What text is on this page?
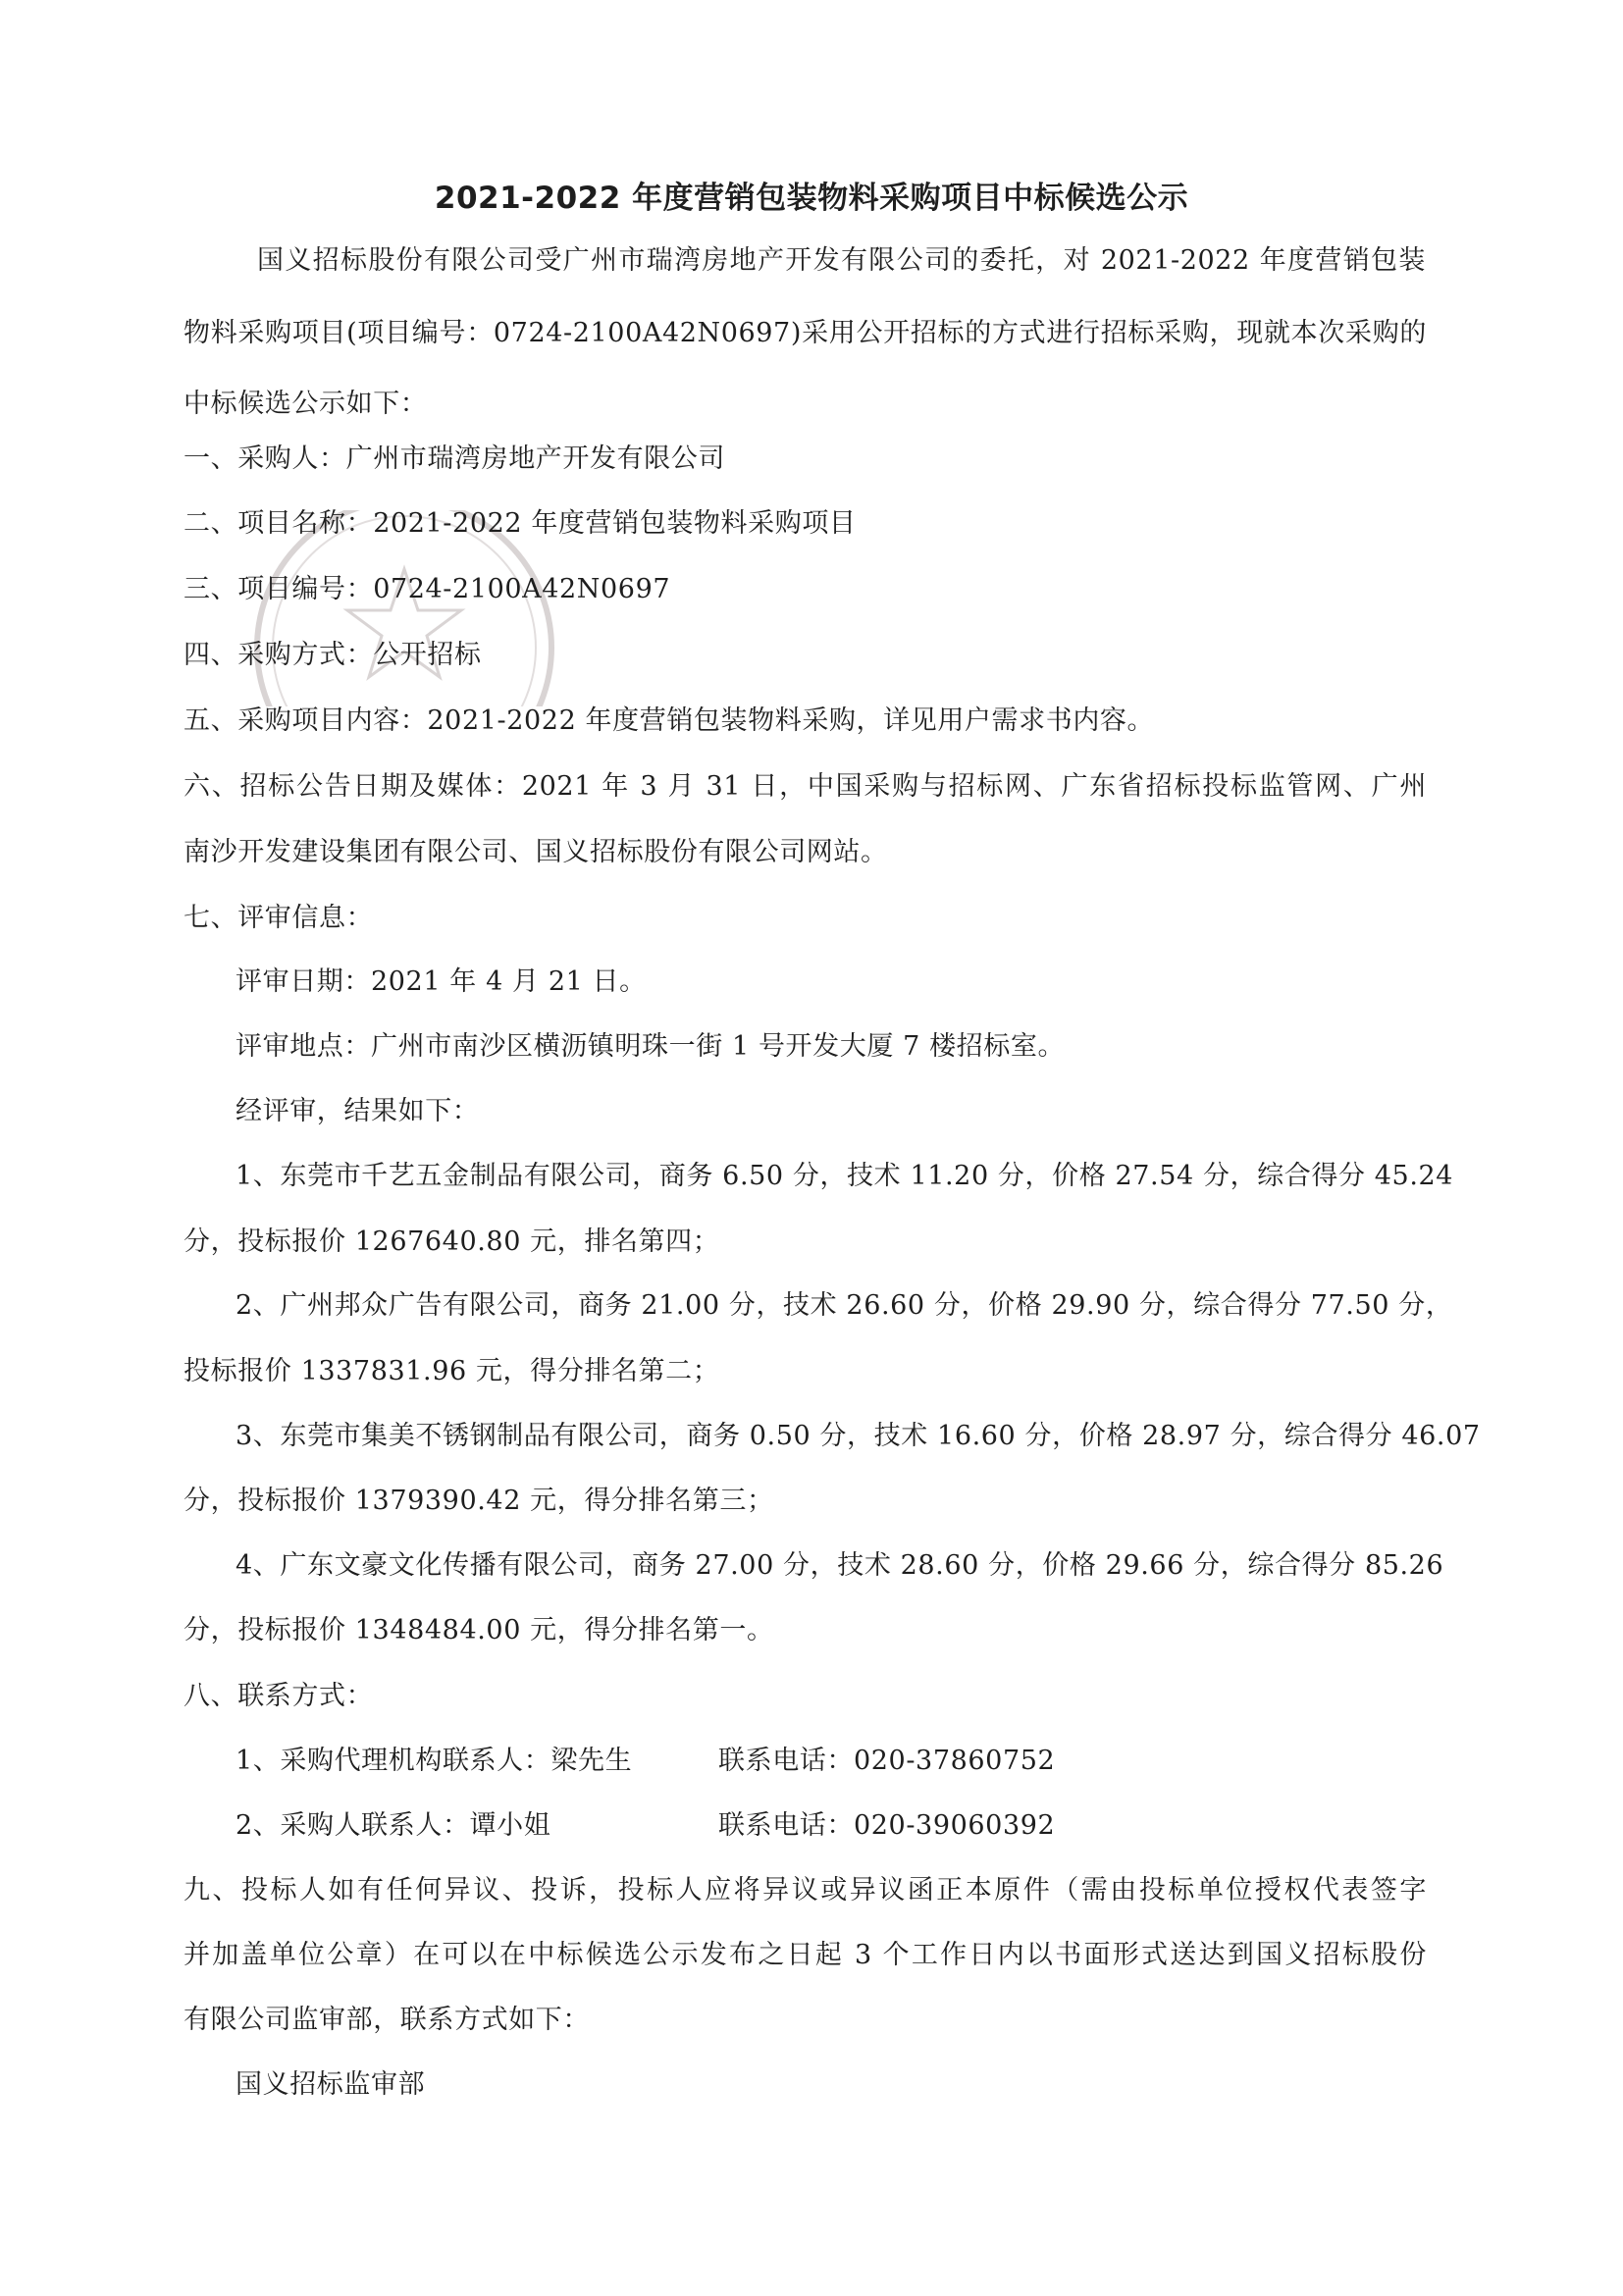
2021-2022 年度营销包装物料采购项目中标候选公示
国义招标股份有限公司受广州市瑞湾房地产开发有限公司的委托，对 2021-2022 年度营销包装
物料采购项目(项目编号：0724-2100A42N0697)采用公开招标的方式进行招标采购，现就本次采购的
中标候选公示如下：
一、采购人：广州市瑞湾房地产开发有限公司
二、项目名称：2021-2022 年度营销包装物料采购项目
三、项目编号：0724-2100A42N0697
四、采购方式：公开招标
五、采购项目内容：2021-2022 年度营销包装物料采购，详见用户需求书内容。
六、招标公告日期及媒体：2021 年 3 月 31 日，中国采购与招标网、广东省招标投标监管网、广州
南沙开发建设集团有限公司、国义招标股份有限公司网站。
七、评审信息：
评审日期：2021 年 4 月 21 日。
评审地点：广州市南沙区横沥镇明珠一街 1 号开发大厦 7 楼招标室。
经评审，结果如下：
1、东莞市千艺五金制品有限公司，商务 6.50 分，技术 11.20 分，价格 27.54 分，综合得分 45.24
分，投标报价 1267640.80 元，排名第四；
2、广州邦众广告有限公司，商务 21.00 分，技术 26.60 分，价格 29.90 分，综合得分 77.50 分，
投标报价 1337831.96 元，得分排名第二；
3、东莞市集美不锈钢制品有限公司，商务 0.50 分，技术 16.60 分，价格 28.97 分，综合得分 46.07
分，投标报价 1379390.42 元，得分排名第三；
4、广东文豪文化传播有限公司，商务 27.00 分，技术 28.60 分，价格 29.66 分，综合得分 85.26
分，投标报价 1348484.00 元，得分排名第一。
八、联系方式：
1、采购代理机构联系人：梁先生	联系电话：020-37860752
2、采购人联系人：谭小姐	联系电话：020-39060392
九、投标人如有任何异议、投诉，投标人应将异议或异议函正本原件（需由投标单位授权代表签字
并加盖单位公章）在可以在中标候选公示发布之日起 3 个工作日内以书面形式送达到国义招标股份
有限公司监审部，联系方式如下：
国义招标监审部
